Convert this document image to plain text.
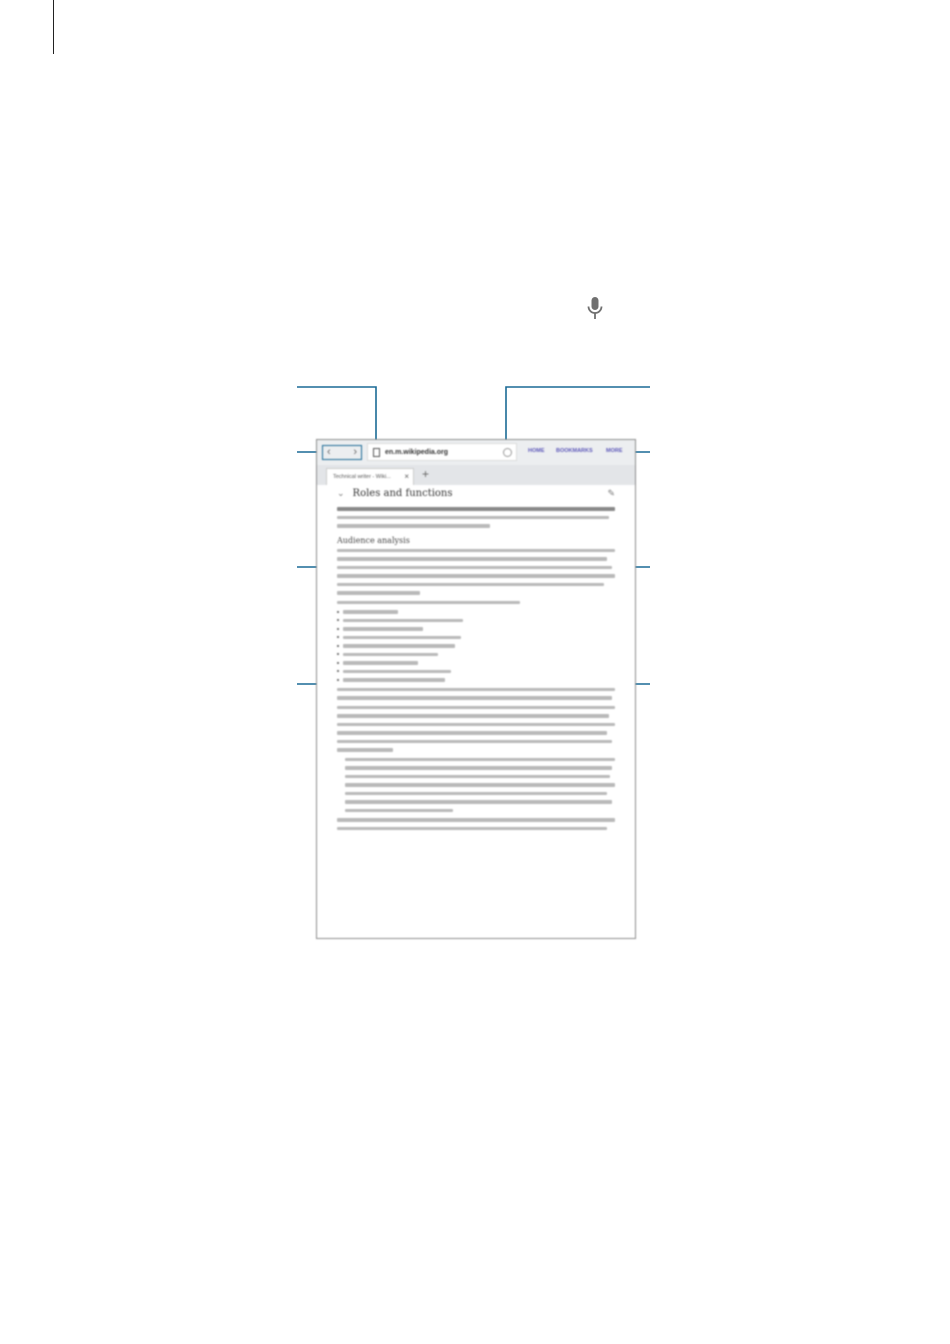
‹ ›	en.m.wikipedia.org	HOME BOOKMARKS MORE
Technical writer - Wiki... × +
⌄ Roles and functions	✎
Audience analysis
